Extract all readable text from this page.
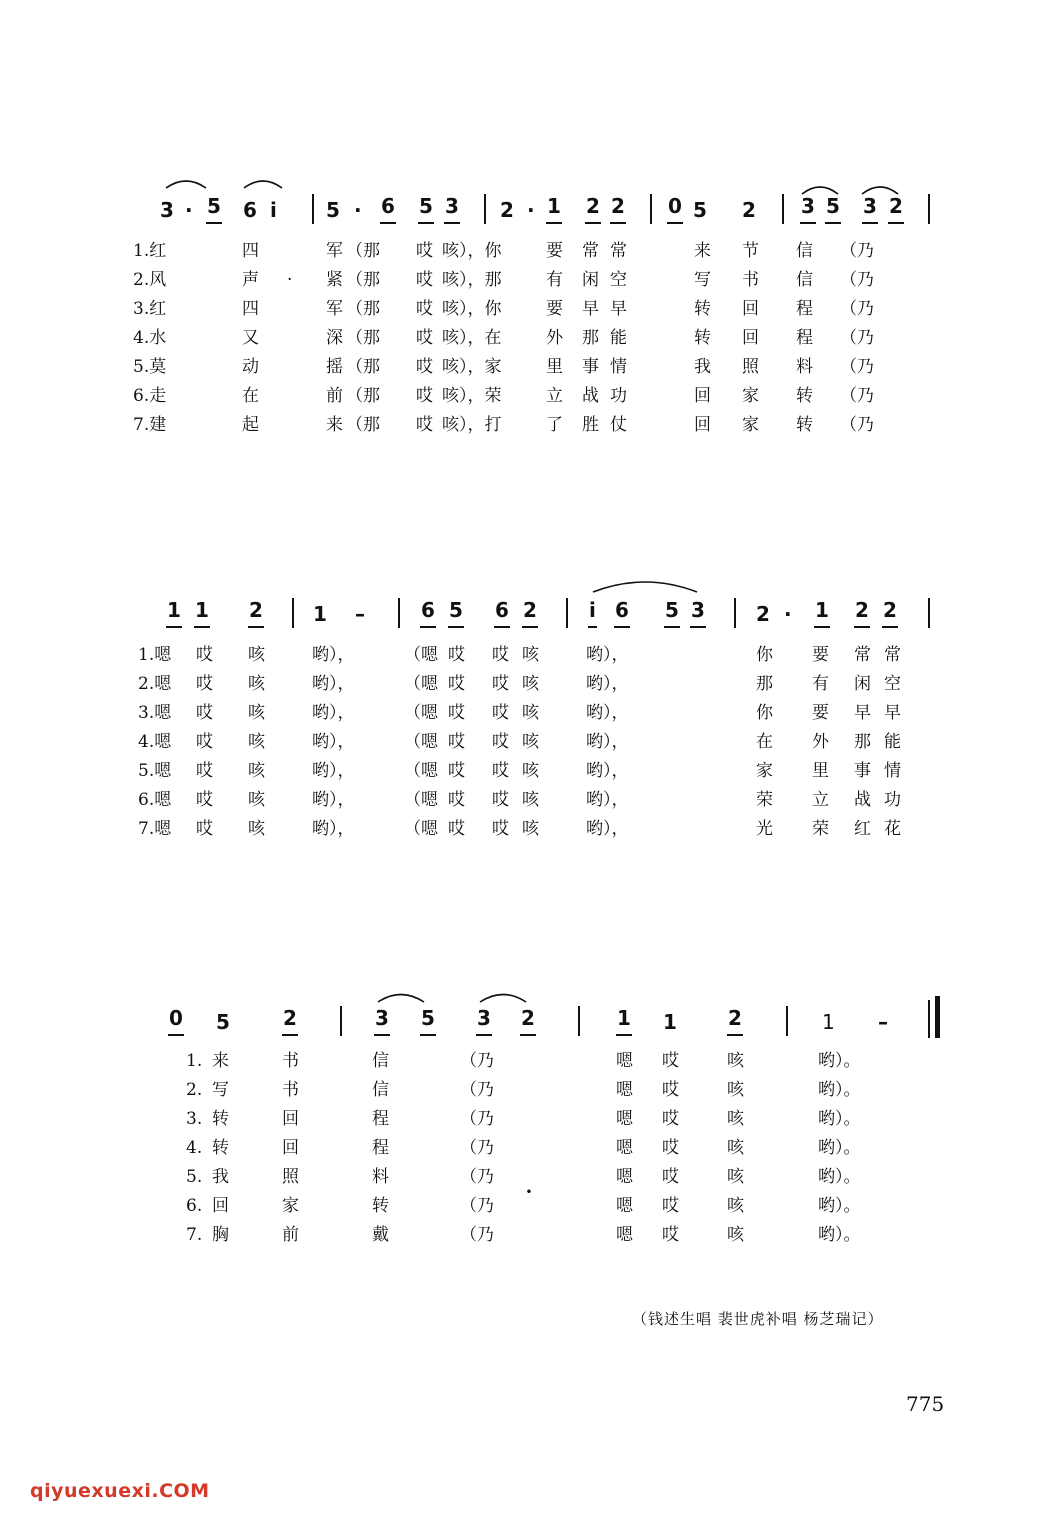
3 · 5 6 i 5 · 6 5 3 2 · 1 2 2 0 5 2 3 5 3 2
1.红	四	军 （那 哎 咳），你	要 常 常	来 节 信 （乃
2.风	声 · 紧 （那 哎 咳），那	有 闲 空	写 书 信 （乃
3.红	四	军 （那 哎 咳），你	要 早 早	转 回 程 （乃
4.水	又	深 （那 哎 咳），在	外 那 能	转 回 程 （乃
5.莫	动	摇 （那 哎 咳），家	里 事 情	我 照 料 （乃
6.走	在	前 （那 哎 咳），荣	立 战 功	回 家 转 （乃
7.建	起	来 （那 哎 咳），打	了 胜 仗	回 家 转 （乃
1 1 2	1 –	6 5 6 2
•
i 6 5 3	2 · 1 2 2
1.嗯 哎 咳	哟），	（嗯 哎 哎 咳	哟），	你 要 常 常
2.嗯 哎 咳	哟），	（嗯 哎 哎 咳	哟），	那 有 闲 空
3.嗯 哎 咳	哟），	（嗯 哎 哎 咳	哟），	你 要 早 早
4.嗯 哎 咳	哟），	（嗯 哎 哎 咳	哟），	在 外 那 能
5.嗯 哎 咳	哟），	（嗯 哎 哎 咳	哟），	家 里 事 情
6.嗯 哎 咳	哟），	（嗯 哎 哎 咳	哟），	荣 立 战 功
7.嗯 哎 咳	哟），	（嗯 哎 哎 咳	哟），	光 荣 红 花
0 5	2	3 5 3 2	1 1	2	1 –
1. 来	书	信	（乃	嗯 哎	咳	哟）。
2. 写	书	信	（乃	嗯 哎	咳	哟）。
3. 转	回	程	（乃	嗯 哎	咳	哟）。
4. 转	回	程	（乃	嗯 哎	咳	哟）。
5. 我	照	料	（乃	嗯 哎	咳	哟）。
6. 回	家	转	（乃	嗯 哎	咳	哟）。
7. 胸	前	戴	（乃	嗯 哎	咳	哟）。
（钱述生唱 裴世虎补唱 杨芝瑞记）
775
qiyuexuexi.COM
